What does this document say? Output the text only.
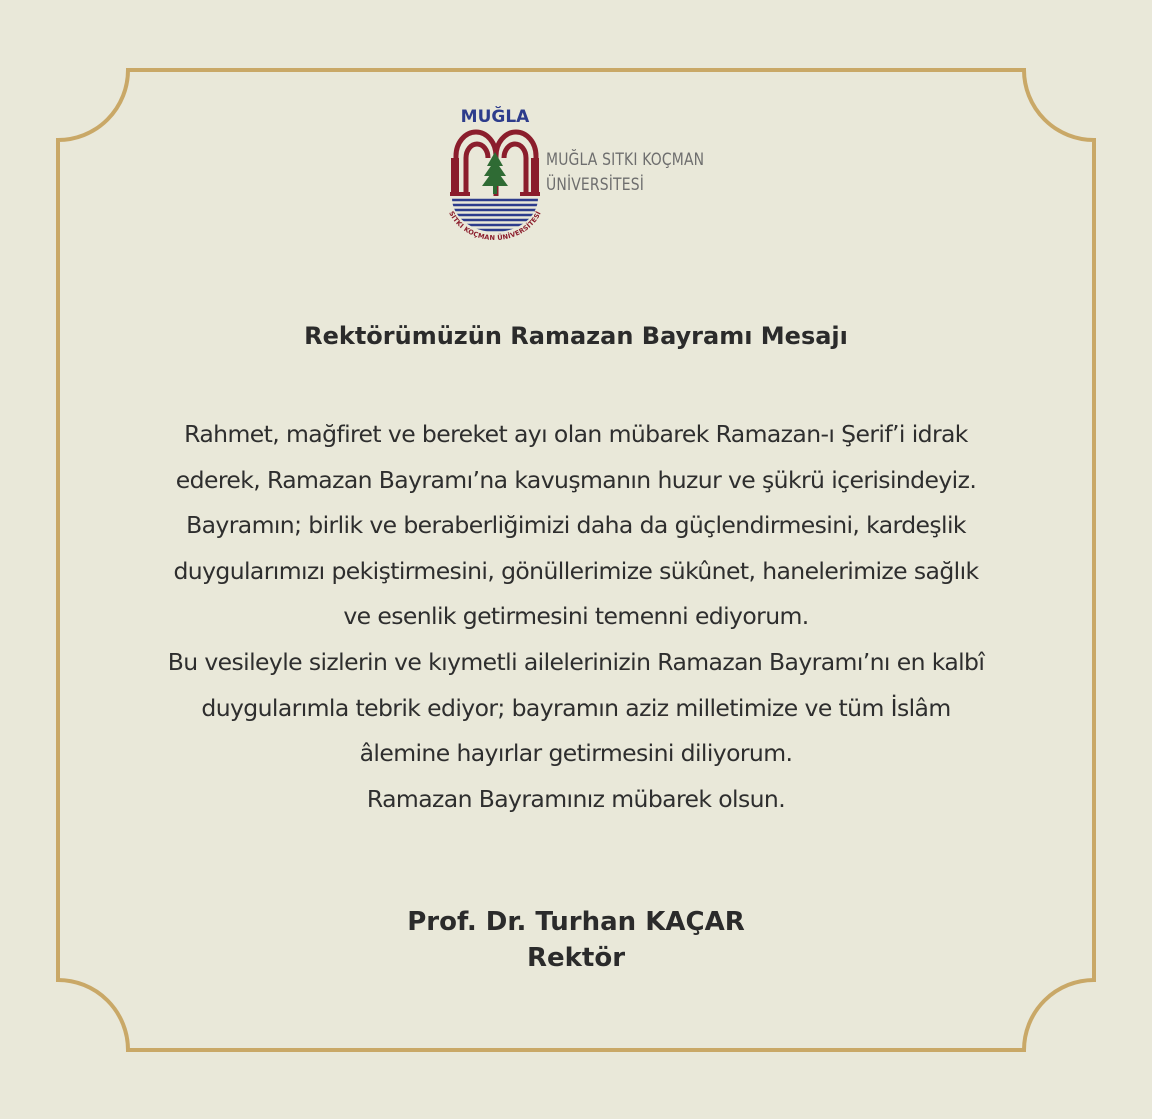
MUĞLA
SITKI KOÇMAN ÜNİVERSİTESİ
MUĞLA SITKI KOÇMAN
ÜNİVERSİTESİ
Rektörümüzün Ramazan Bayramı Mesajı
Rahmet, mağfiret ve bereket ayı olan mübarek Ramazan-ı Şerif’i idrak
ederek, Ramazan Bayramı’na kavuşmanın huzur ve şükrü içerisindeyiz.
Bayramın; birlik ve beraberliğimizi daha da güçlendirmesini, kardeşlik
duygularımızı pekiştirmesini, gönüllerimize sükûnet, hanelerimize sağlık
ve esenlik getirmesini temenni ediyorum.
Bu vesileyle sizlerin ve kıymetli ailelerinizin Ramazan Bayramı’nı en kalbî
duygularımla tebrik ediyor; bayramın aziz milletimize ve tüm İslâm
âlemine hayırlar getirmesini diliyorum.
Ramazan Bayramınız mübarek olsun.
Prof. Dr. Turhan KAÇAR
Rektör
